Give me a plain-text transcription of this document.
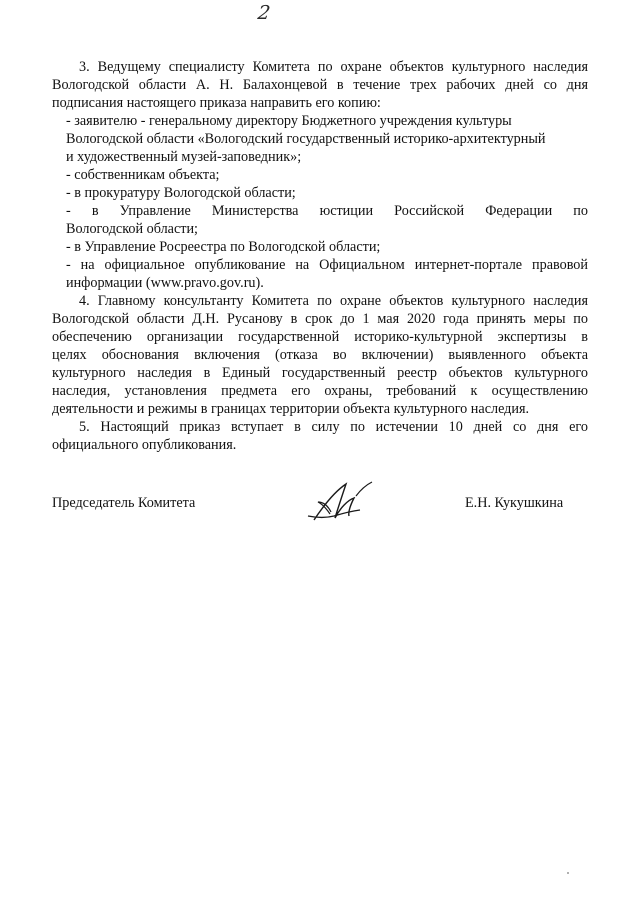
2
3. Ведущему специалисту Комитета по охране объектов культурного наследия
Вологодской области А. Н. Балахонцевой в течение трех рабочих дней со дня
подписания настоящего приказа направить его копию:
- заявителю - генеральному директору Бюджетного учреждения культуры
Вологодской области «Вологодский государственный историко-архитектурный
и художественный музей-заповедник»;
- собственникам объекта;
- в прокуратуру Вологодской области;
- в Управление Министерства юстиции Российской Федерации по
Вологодской области;
- в Управление Росреестра по Вологодской области;
- на официальное опубликование на Официальном интернет-портале правовой
информации (www.pravo.gov.ru).
4. Главному консультанту Комитета по охране объектов культурного наследия
Вологодской области Д.Н. Русанову в срок до 1 мая 2020 года принять меры по
обеспечению организации государственной историко-культурной экспертизы в
целях обоснования включения (отказа во включении) выявленного объекта
культурного наследия в Единый государственный реестр объектов культурного
наследия, установления предмета его охраны, требований к осуществлению
деятельности и режимы в границах территории объекта культурного наследия.
5. Настоящий приказ вступает в силу по истечении 10 дней со дня его
официального опубликования.
Председатель Комитета	Е.Н. Кукушкина
